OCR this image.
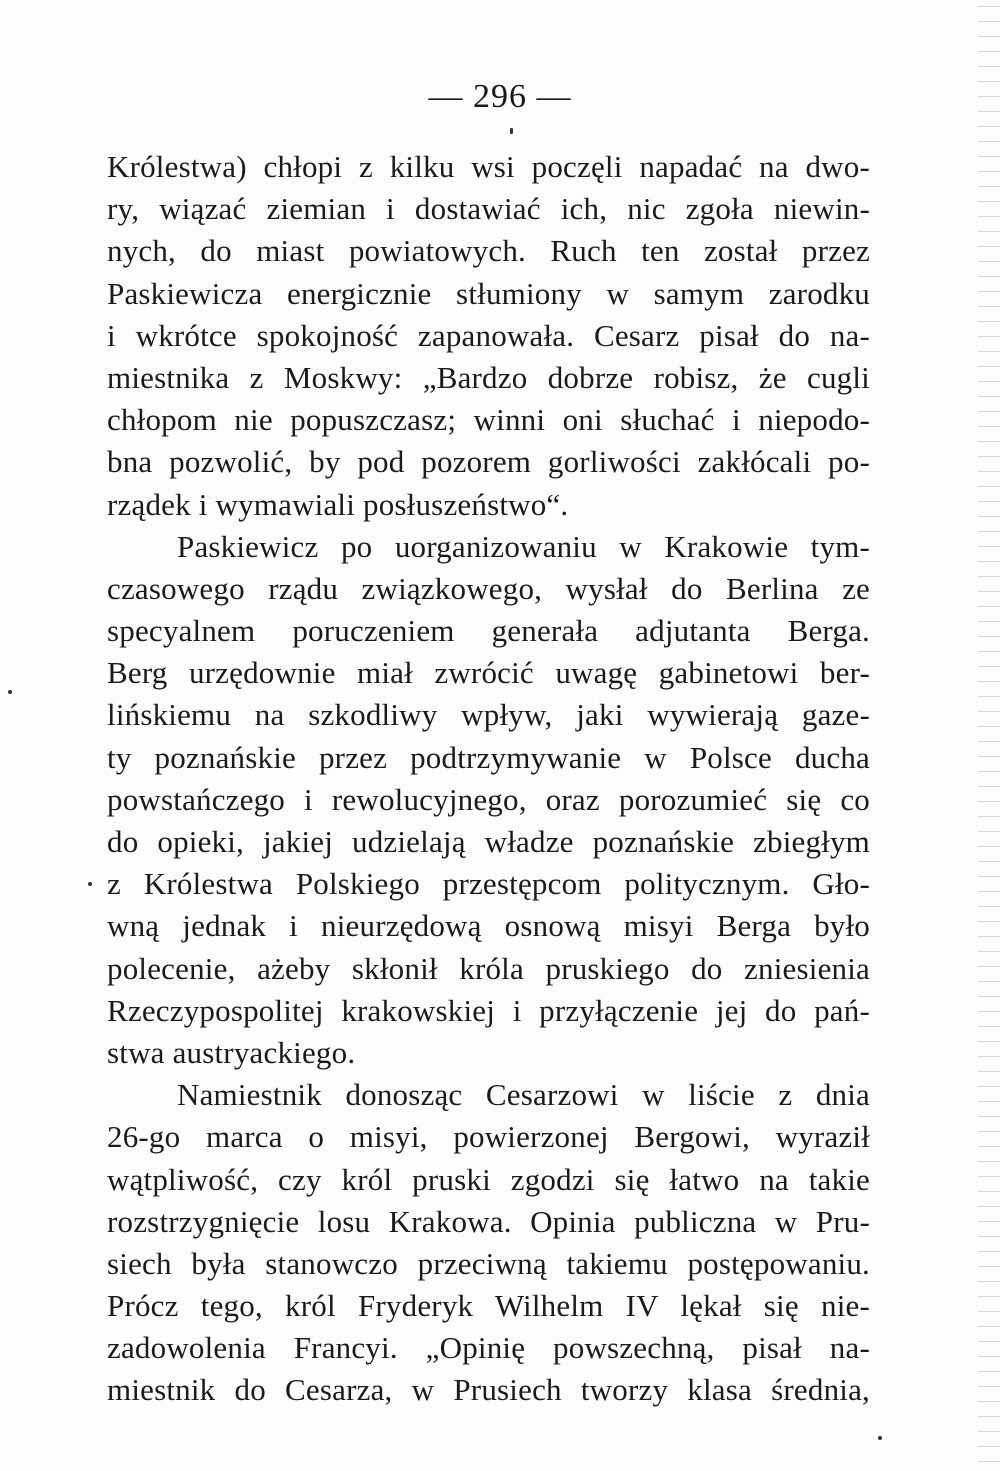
— 296 —
Królestwa) chłopi z kilku wsi poczęli napadać na dwo-
ry, wiązać ziemian i dostawiać ich, nic zgoła niewin-
nych, do miast powiatowych. Ruch ten został przez
Paskiewicza energicznie stłumiony w samym zarodku
i wkrótce spokojność zapanowała. Cesarz pisał do na-
miestnika z Moskwy: „Bardzo dobrze robisz, że cugli
chłopom nie popuszczasz; winni oni słuchać i niepodo-
bna pozwolić, by pod pozorem gorliwości zakłócali po-
rządek i wymawiali posłuszeństwo“.
Paskiewicz po uorganizowaniu w Krakowie tym-
czasowego rządu związkowego, wysłał do Berlina ze
specyalnem poruczeniem generała adjutanta Berga.
Berg urzędownie miał zwrócić uwagę gabinetowi ber-
lińskiemu na szkodliwy wpływ, jaki wywierają gaze-
ty poznańskie przez podtrzymywanie w Polsce ducha
powstańczego i rewolucyjnego, oraz porozumieć się co
do opieki, jakiej udzielają władze poznańskie zbiegłym
z Królestwa Polskiego przestępcom politycznym. Gło-
wną jednak i nieurzędową osnową misyi Berga było
polecenie, ażeby skłonił króla pruskiego do zniesienia
Rzeczypospolitej krakowskiej i przyłączenie jej do pań-
stwa austryackiego.
Namiestnik donosząc Cesarzowi w liście z dnia
26-go marca o misyi, powierzonej Bergowi, wyraził
wątpliwość, czy król pruski zgodzi się łatwo na takie
rozstrzygnięcie losu Krakowa. Opinia publiczna w Pru-
siech była stanowczo przeciwną takiemu postępowaniu.
Prócz tego, król Fryderyk Wilhelm IV lękał się nie-
zadowolenia Francyi. „Opinię powszechną, pisał na-
miestnik do Cesarza, w Prusiech tworzy klasa średnia,
